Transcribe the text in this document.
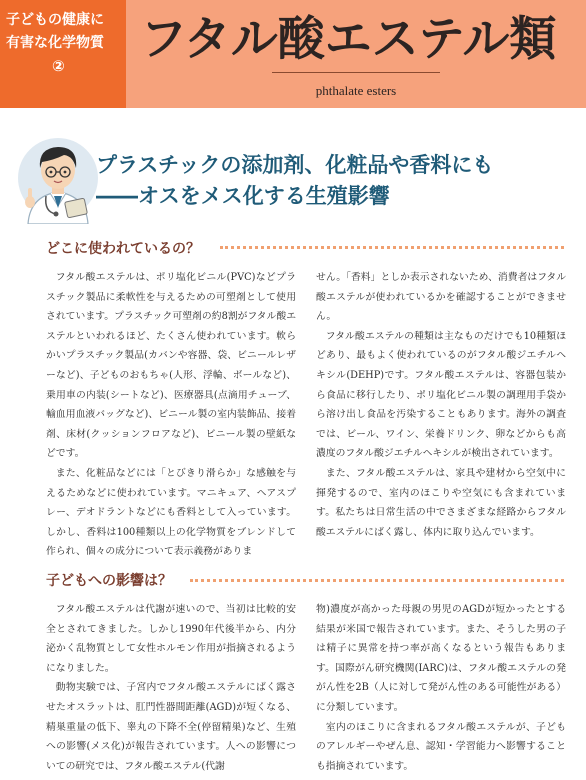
子どもの健康に
有害な化学物質
②	フタル酸エステル類
phthalate esters
プラスチックの添加剤、化粧品や香料にも
――オスをメス化する生殖影響
どこに使われているの？

フタル酸エステルは、ポリ塩化ビニル(PVC)などプラスチック製品に柔軟性を与えるための可塑剤として使用されています。プラスチック可塑剤の約8割がフタル酸エステルといわれるほど、たくさん使われています。軟らかいプラスチック製品(カバンや容器、袋、ビニールレザーなど)、子どものおもちゃ(人形、浮輪、ボールなど)、乗用車の内装(シートなど)、医療器具(点滴用チューブ、輸血用血液バッグなど)、ビニール製の室内装飾品、接着剤、床材(クッションフロアなど)、ビニール製の壁紙などです。

また、化粧品などには「とびきり滑らか」な感触を与えるためなどに使われています。マニキュア、ヘアスプレー、デオドラントなどにも香料として入っています。しかし、香料は100種類以上の化学物質をブレンドして作られ、個々の成分について表示義務がありま

せん。「香料」としか表示されないため、消費者はフタル酸エステルが使われているかを確認することができません。

フタル酸エステルの種類は主なものだけでも10種類ほどあり、最もよく使われているのがフタル酸ジエチルヘキシル(DEHP)です。フタル酸エステルは、容器包装から食品に移行したり、ポリ塩化ビニル製の調理用手袋から溶け出し食品を汚染することもあります。海外の調査では、ビール、ワイン、栄養ドリンク、卵などからも高濃度のフタル酸ジエチルヘキシルが検出されています。

また、フタル酸エステルは、家具や建材から空気中に揮発するので、室内のほこりや空気にも含まれています。私たちは日常生活の中でさまざまな経路からフタル酸エステルにばく露し、体内に取り込んでいます。

子どもへの影響は？

フタル酸エステルは代謝が速いので、当初は比較的安全とされてきました。しかし1990年代後半から、内分泌かく乱物質として女性ホルモン作用が指摘されるようになりました。

動物実験では、子宮内でフタル酸エステルにばく露させたオスラットは、肛門性器間距離(AGD)が短くなる、精巣重量の低下、睾丸の下降不全(停留精巣)など、生殖への影響(メス化)が報告されています。人への影響についての研究では、フタル酸エステル(代謝

物)濃度が高かった母親の男児のAGDが短かったとする結果が米国で報告されています。また、そうした男の子は精子に異常を持つ率が高くなるという報告もあります。国際がん研究機関(IARC)は、フタル酸エステルの発がん性を2B（人に対して発がん性のある可能性がある）に分類しています。

室内のほこりに含まれるフタル酸エステルが、子どものアレルギーやぜん息、認知・学習能力へ影響することも指摘されています。
